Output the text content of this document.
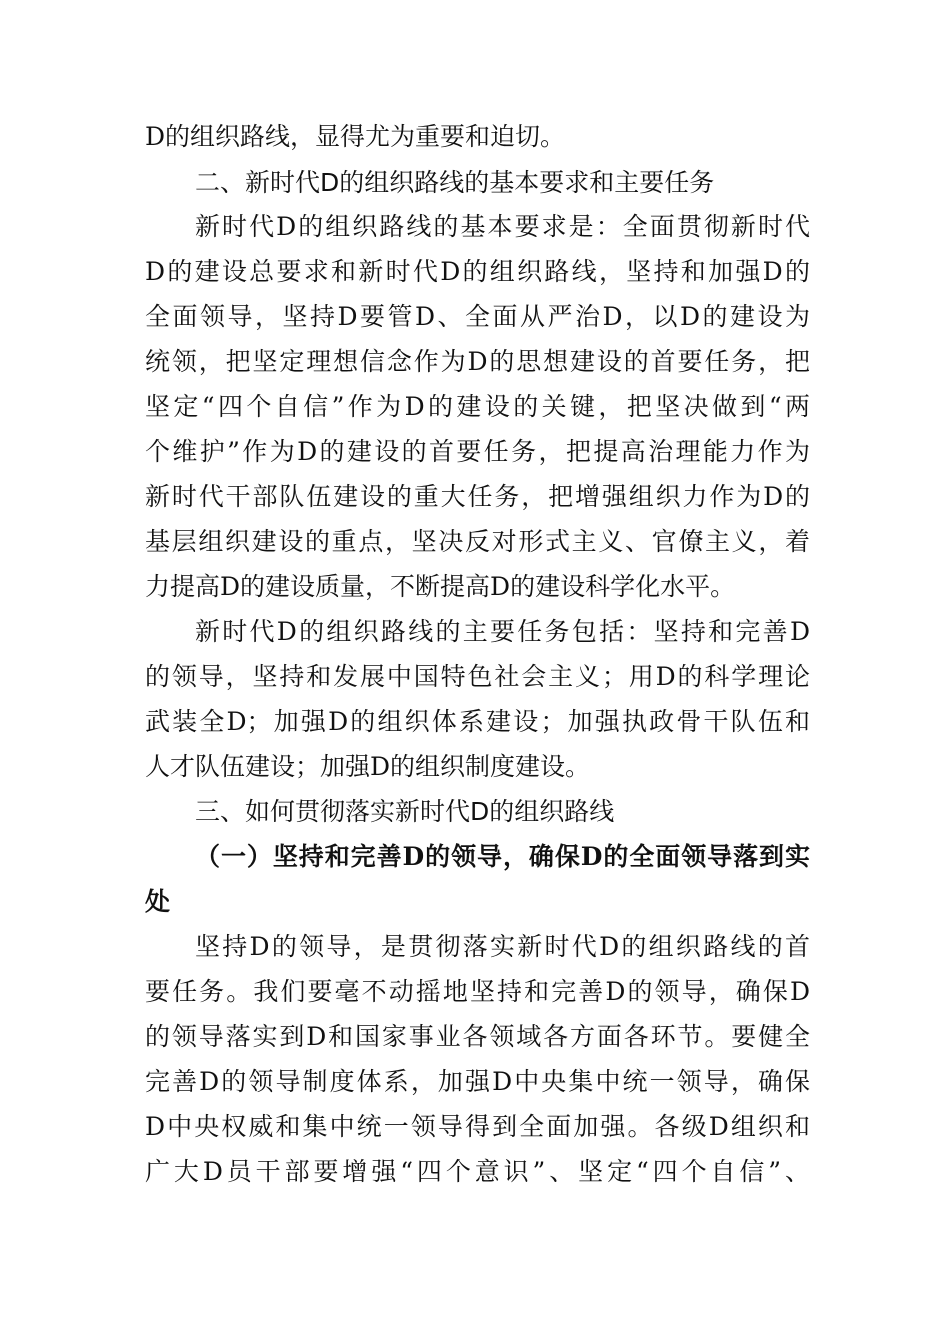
D的组织路线，显得尤为重要和迫切。
二、新时代D的组织路线的基本要求和主要任务
新时代D的组织路线的基本要求是：全面贯彻新时代
D的建设总要求和新时代D的组织路线，坚持和加强D的
全面领导，坚持D要管D、全面从严治D，以D的建设为
统领，把坚定理想信念作为D的思想建设的首要任务，把
坚定“四个自信”作为D的建设的关键，把坚决做到“两
个维护”作为D的建设的首要任务，把提高治理能力作为
新时代干部队伍建设的重大任务，把增强组织力作为D的
基层组织建设的重点，坚决反对形式主义、官僚主义，着
力提高D的建设质量，不断提高D的建设科学化水平。
新时代D的组织路线的主要任务包括：坚持和完善D
的领导，坚持和发展中国特色社会主义；用D的科学理论
武装全D；加强D的组织体系建设；加强执政骨干队伍和
人才队伍建设；加强D的组织制度建设。
三、如何贯彻落实新时代D的组织路线
（一）坚持和完善D的领导，确保D的全面领导落到实
处
坚持D的领导，是贯彻落实新时代D的组织路线的首
要任务。我们要毫不动摇地坚持和完善D的领导，确保D
的领导落实到D和国家事业各领域各方面各环节。要健全
完善D的领导制度体系，加强D中央集中统一领导，确保
D中央权威和集中统一领导得到全面加强。各级D组织和
广大D员干部要增强“四个意识”、坚定“四个自信”、
